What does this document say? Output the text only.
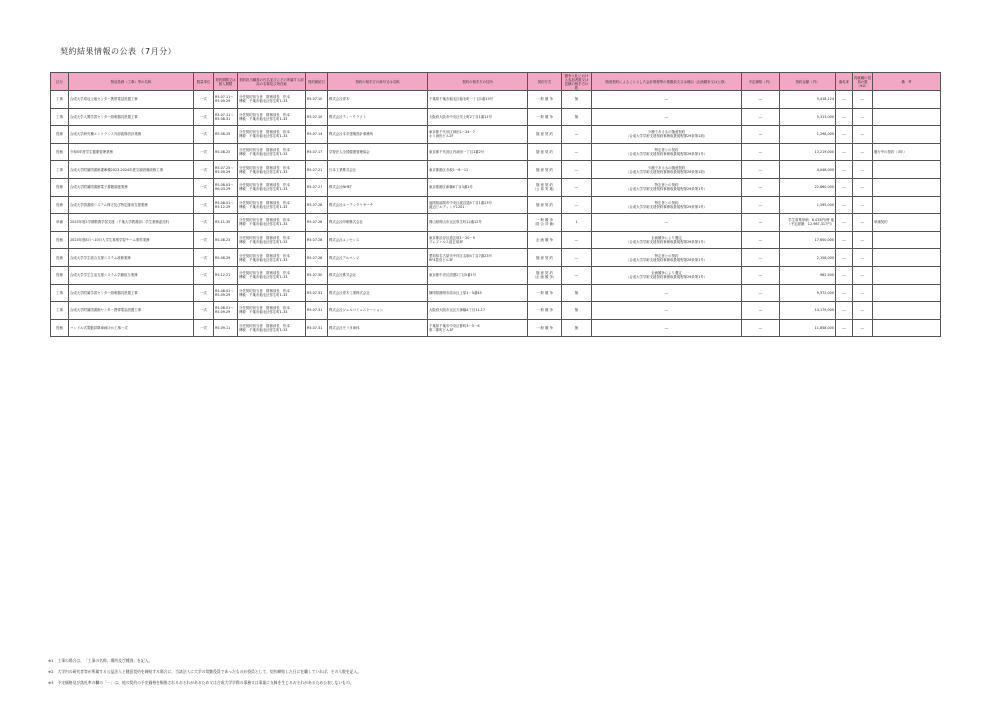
契約結果情報の公表（7月分）
区分	物品役務（工事）等の名称	数量単位	契約期間又は納入期限	契約担当職員の氏名並びにその所属する部局の名称及び所在地	契約締結日	契約の相手方の商号又は名称	契約の相手方の住所	契約方式	競争入札における参加者数又は見積の相手方の数	随意契約によることとした会計規程等の根拠条文又は理由（企画競争又は公募）	予定価格（円）	契約金額（円）	落札率	再就職の役員の数（※2）	備　考
工事	合成大学周辺土地センター携帯電話設置工事	一式	R5.07.11～
R5.09.29	分任契約担当者　財務部長　松本
博敏　千葉市稲毛区弥生町1-33	R5.07.10	株式会社青木	千葉県千葉市稲毛区稲毛町一丁目1番10号	一 般 競 争	無	―	―	5,418,124	―	―	
工事	合成大学人間学習センター照明器具設置工事	一式	R5.07.11～
R5.08.31	分任契約担当者　財務部長　松本
博敏　千葉市稲毛区弥生町1-33	R5.07.10	株式会社ティークラフト	大阪府大阪市中央区安土町2丁目1番11号	一 般 競 争	無	―	―	5,313,000	―	―	
役務	合成大学研究棟エントランス外部改修設計業務	一式	R5.08.25	分任契約担当者　財務部長　松本
博敏　千葉市稲毛区弥生町1-33	R5.07.14	株式会社本多建築設計事務所	東京都千代田区神田1－24－7
ホリ神田ビル2F	随 意 契 約	―	少額であるもの随意契約
（合成大学学術支援契約事務取扱規程第29条第1項）	―	1,298,000	―	―	
役務	令和5年度学生健康管理業務	一式	R5.08.25	分任契約担当者　財務部長　松本
博敏　千葉市稲毛区弥生町1-33	R5.07.17	学校法人全国健康管理協会	東京都千代田区内神田一丁目1番2号	随 意 契 約	―	特定者との契約
（合成大学学術支援契約事務取扱規程第29条第1号）	―	13,219,000	―	―	履行中の契約（3年）
工事	合成大学附属図書館書庫棟2023-2024年度空調設備改修工事	一式	R5.07.25～
R5.09.29	分任契約担当者　財務部長　松本
博敏　千葉市稲毛区弥生町1-33	R5.07.21	日本工業株式会社	東京都港区赤坂1－6－11	随 意 契 約	―	少額であるもの随意契約
（合成大学学術支援契約事務取扱規程第29条第1項）	―	4,048,000	―	―	
役務	合成大学附属図書館電子書籍調達業務	一式	R5.08.03～
R6.03.29	分任契約担当者　財務部長　松本
博敏　千葉市稲毛区弥生町1-33	R5.07.27	株式会社NHET	東京都港区新橋6丁目3番1号	随 意 契 約
（公 募 実 施）	―	特定者との契約
（合成大学学術支援契約事務取扱規程第29条第1号）	―	22,860,000	―	―	
役務	合成大学図書館システム保守及び特定運用支援業務	一式	R5.08.01～
R5.12.29	分任契約担当者　財務部長　松本
博敏　千葉市稲毛区弥生町1-33	R5.07.28	株式会社ユーテックリサーチ	福岡県福岡市中央区渡辺通5丁目1番23号
渡辺ビルディング1201	随 意 契 約	―	特定者との契約
（合成大学学術支援契約事務取扱規程第29条第1号）	―	1,595,000	―	―	
単価	2023年度2学期教養学習支援（千葉大学教養部）学生業務委託料	一式	R5.11.30	分任契約担当者　財務部長　松本
博敏　千葉市稲毛区弥生町1-33	R5.07.28	株式会社印刷株式会社	岡山県岡山市北区厚生町12番12号	一 般 競 争
（総 合 評 価）	1	―	―	学生募集単価　6,038円/時 他
（予定総額　12,987,317円）	―	―	単価契約
役務	2023年度8月～10月入学生募集学習チーム制作業務	一式	R5.08.23	分任契約担当者　財務部長　松本
博敏　千葉市稲毛区弥生町1-33	R5.07.28	株式会社ユンセンス	東京都渋谷区道玄坂1－20－5
プレファルス道玄坂3F	企 画 競 争	―	企画競争により選定
（合成大学学術支援契約事務取扱規程第29条第1号）	―	17,600,000	―	―	
役務	合成大学学生総合支援システム改修業務	一式	R5.08.29	分任契約担当者　財務部長　松本
博敏　千葉市稲毛区弥生町1-33	R5.07.28	株式会社アルペンジ	愛知県名古屋市中村区名駅4丁目7番23号
RF4豊田ビル3F	随 意 契 約	―	特定者との契約
（合成大学学術支援契約事務取扱規程第29条第1号）	―	2,156,000	―	―	
役務	合成大学学生生活支援システム学籍担当業務	一式	R5.12.21	分任契約担当者　財務部長　松本
博敏　千葉市稲毛区弥生町1-33	R5.07.30	株式会社株式会社	東京都中央区清澄2丁目5番1号	随 意 契 約
（企 画 競 争）	―	企画競争により選定
（合成大学学術支援契約事務取扱規程第29条第1号）	―	962,500	―	―	
工事	合成大学附属学習センター照明器具設置工事	一式	R5.08.01～
R5.09.29	分任契約担当者　財務部長　松本
博敏　千葉市稲毛区弥生町1-33	R5.07.31	株式会社青木工業株式会社	静岡県静岡市清水区上原1－5番45	一 般 競 争	無	―	―	9,372,000	―	―	
工事	合成大学附属図書館センター携帯電話設置工事	一式	R5.08.01～
R5.09.29	分任契約担当者　財務部長　松本
博敏　千葉市稲毛区弥生町1-33	R5.07.31	株式会社ジェルコミュニケーション	大阪府大阪市北区天神橋4丁目11-17	一 般 競 争	無	―	―	14,179,000	―	―	
役務	ハンドル式電動昇降車両ほか工事一式	一式	R5.09.11	分任契約担当者　財務部長　松本
博敏　千葉市稲毛区弥生町1-33	R5.07.31	株式会社モリタ車体	千葉県千葉市中央区都町3－5－6
第二都町ビル3F	一 般 競 争	無	―	―	11,858,000	―	―	
※1　工事の場合は、「工事の名称、場所及び種別」を記入。
※2　大学内の研究者等が所属する公益法人と随意契約を締結する場合に、当該法人に大学の常勤役員であったものが役員として、契約締結した日に在職していれば、その人数を記入。
※3　予定価格及び落札率の欄の「－」は、他の契約の予定価格を類推されるおそれがあるため又は合成大学学際の事務又は事業に支障を生じるおそれがあるため公表しないもの。
